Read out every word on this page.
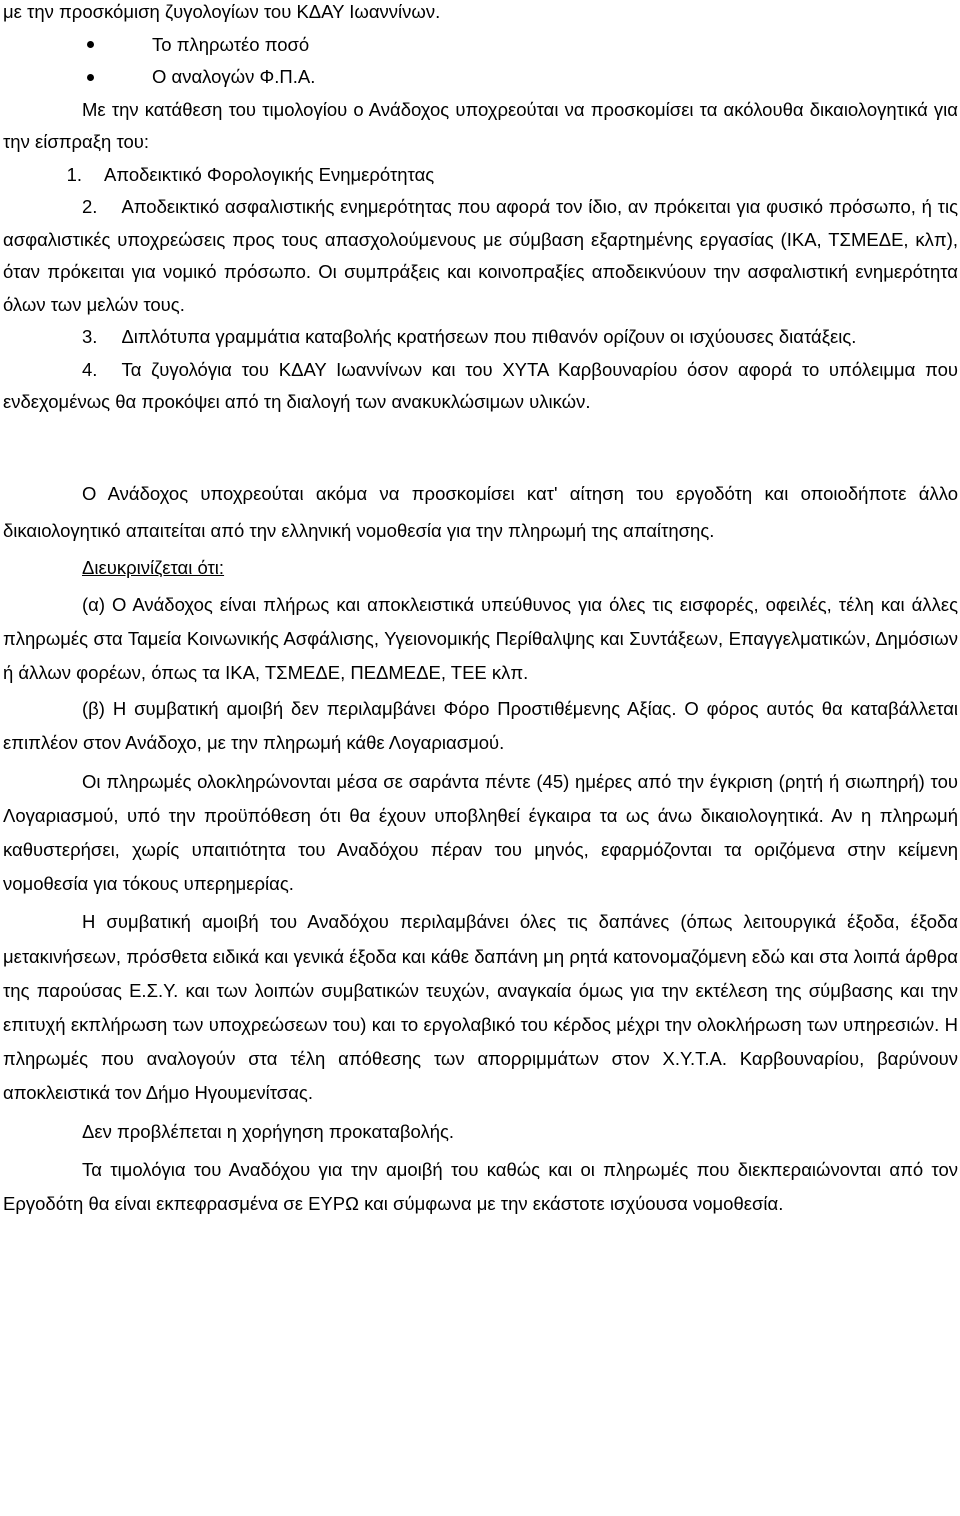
με την προσκόμιση ζυγολογίων του ΚΔΑΥ Ιωαννίνων.

Το πληρωτέο ποσό
Ο αναλογών Φ.Π.Α.

Με την κατάθεση του τιμολογίου ο Ανάδοχος υποχρεούται να προσκομίσει τα ακόλουθα δικαιολογητικά για την είσπραξη του:

1. Αποδεικτικό Φορολογικής Ενημερότητας

2. Αποδεικτικό ασφαλιστικής ενημερότητας που αφορά τον ίδιο, αν πρόκειται για φυσικό πρόσωπο, ή τις ασφαλιστικές υποχρεώσεις προς τους απασχολούμενους με σύμβαση εξαρτημένης εργασίας (ΙΚΑ, ΤΣΜΕΔΕ, κλπ), όταν πρόκειται για νομικό πρόσωπο. Οι συμπράξεις και κοινοπραξίες αποδεικνύουν την ασφαλιστική ενημερότητα όλων των μελών τους.

3. Διπλότυπα γραμμάτια καταβολής κρατήσεων που πιθανόν ορίζουν οι ισχύουσες διατάξεις.

4. Τα ζυγολόγια του ΚΔΑΥ Ιωαννίνων και του ΧΥΤΑ Καρβουναρίου όσον αφορά το υπόλειμμα που ενδεχομένως θα προκόψει από τη διαλογή των ανακυκλώσιμων υλικών.

Ο Ανάδοχος υποχρεούται ακόμα να προσκομίσει κατ' αίτηση του εργοδότη και οποιοδήποτε άλλο δικαιολογητικό απαιτείται από την ελληνική νομοθεσία για την πληρωμή της απαίτησης.

Διευκρινίζεται ότι:

(α) Ο Ανάδοχος είναι πλήρως και αποκλειστικά υπεύθυνος για όλες τις εισφορές, οφειλές, τέλη και άλλες πληρωμές στα Ταμεία Κοινωνικής Ασφάλισης, Υγειονομικής Περίθαλψης και Συντάξεων, Επαγγελματικών, Δημόσιων ή άλλων φορέων, όπως τα ΙΚΑ, ΤΣΜΕΔΕ, ΠΕΔΜΕΔΕ, ΤΕΕ κλπ.

(β) Η συμβατική αμοιβή δεν περιλαμβάνει Φόρο Προστιθέμενης Αξίας. Ο φόρος αυτός θα καταβάλλεται επιπλέον στον Ανάδοχο, με την πληρωμή κάθε Λογαριασμού.

Οι πληρωμές ολοκληρώνονται μέσα σε σαράντα πέντε (45) ημέρες από την έγκριση (ρητή ή σιωπηρή) του Λογαριασμού, υπό την προϋπόθεση ότι θα έχουν υποβληθεί έγκαιρα τα ως άνω δικαιολογητικά. Αν η πληρωμή καθυστερήσει, χωρίς υπαιτιότητα του Αναδόχου πέραν του μηνός, εφαρμόζονται τα οριζόμενα στην κείμενη νομοθεσία για τόκους υπερημερίας.

Η συμβατική αμοιβή του Αναδόχου περιλαμβάνει όλες τις δαπάνες (όπως λειτουργικά έξοδα, έξοδα μετακινήσεων, πρόσθετα ειδικά και γενικά έξοδα και κάθε δαπάνη μη ρητά κατονομαζόμενη εδώ και στα λοιπά άρθρα της παρούσας Ε.Σ.Υ. και των λοιπών συμβατικών τευχών, αναγκαία όμως για την εκτέλεση της σύμβασης και την επιτυχή εκπλήρωση των υποχρεώσεων του) και το εργολαβικό του κέρδος μέχρι την ολοκλήρωση των υπηρεσιών. Η πληρωμές που αναλογούν στα τέλη απόθεσης των απορριμμάτων στον Χ.Υ.Τ.Α. Καρβουναρίου, βαρύνουν αποκλειστικά τον Δήμο Ηγουμενίτσας.

Δεν προβλέπεται η χορήγηση προκαταβολής.

Τα τιμολόγια του Αναδόχου για την αμοιβή του καθώς και οι πληρωμές που διεκπεραιώνονται από τον Εργοδότη θα είναι εκπεφρασμένα σε ΕΥΡΩ και σύμφωνα με την εκάστοτε ισχύουσα νομοθεσία.
